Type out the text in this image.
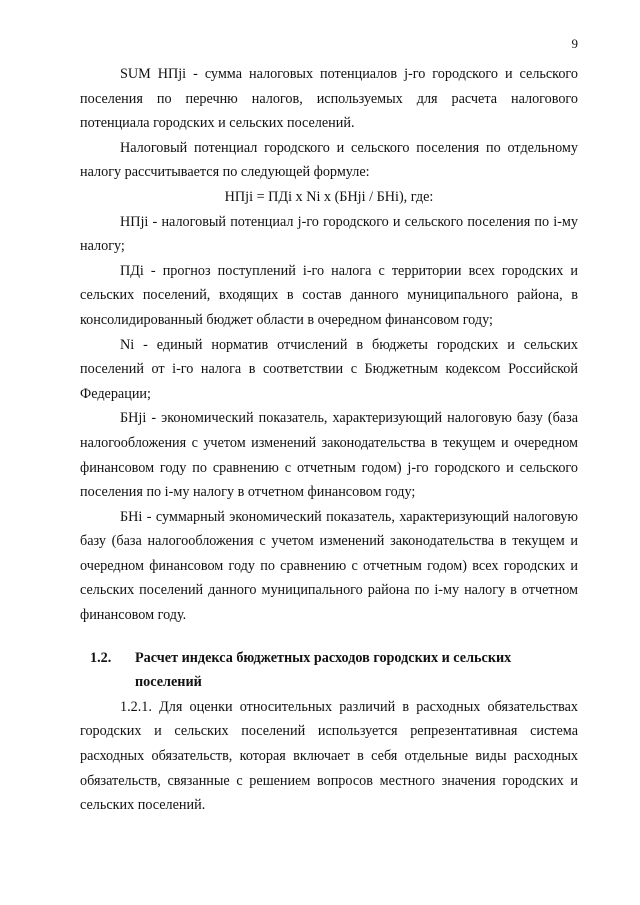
9

SUM НПji - сумма налоговых потенциалов j-го городского и сельского поселения по перечню налогов, используемых для расчета налогового потенциала городских и сельских поселений.

Налоговый потенциал городского и сельского поселения по отдельному налогу рассчитывается по следующей формуле:

НПji = ПДi x Ni x (БНji / БНi), где:

НПji - налоговый потенциал j-го городского и сельского поселения по i-му налогу;

ПДi - прогноз поступлений i-го налога с территории всех городских и сельских поселений, входящих в состав данного муниципального района, в консолидированный бюджет области в очередном финансовом году;

Ni - единый норматив отчислений в бюджеты городских и сельских поселений от i-го налога в соответствии с Бюджетным кодексом Российской Федерации;

БНji - экономический показатель, характеризующий налоговую базу (база налогообложения с учетом изменений законодательства в текущем и очередном финансовом году по сравнению с отчетным годом) j-го городского и сельского поселения по i-му налогу в отчетном финансовом году;

БНi - суммарный экономический показатель, характеризующий налоговую базу (база налогообложения с учетом изменений законодательства в текущем и очередном финансовом году по сравнению с отчетным годом) всех городских и сельских поселений данного муниципального района по i-му налогу в отчетном финансовом году.

1.2.	Расчет индекса бюджетных расходов городских и сельских поселений

1.2.1. Для оценки относительных различий в расходных обязательствах городских и сельских поселений используется репрезентативная система расходных обязательств, которая включает в себя отдельные виды расходных обязательств, связанные с решением вопросов местного значения городских и сельских поселений.
